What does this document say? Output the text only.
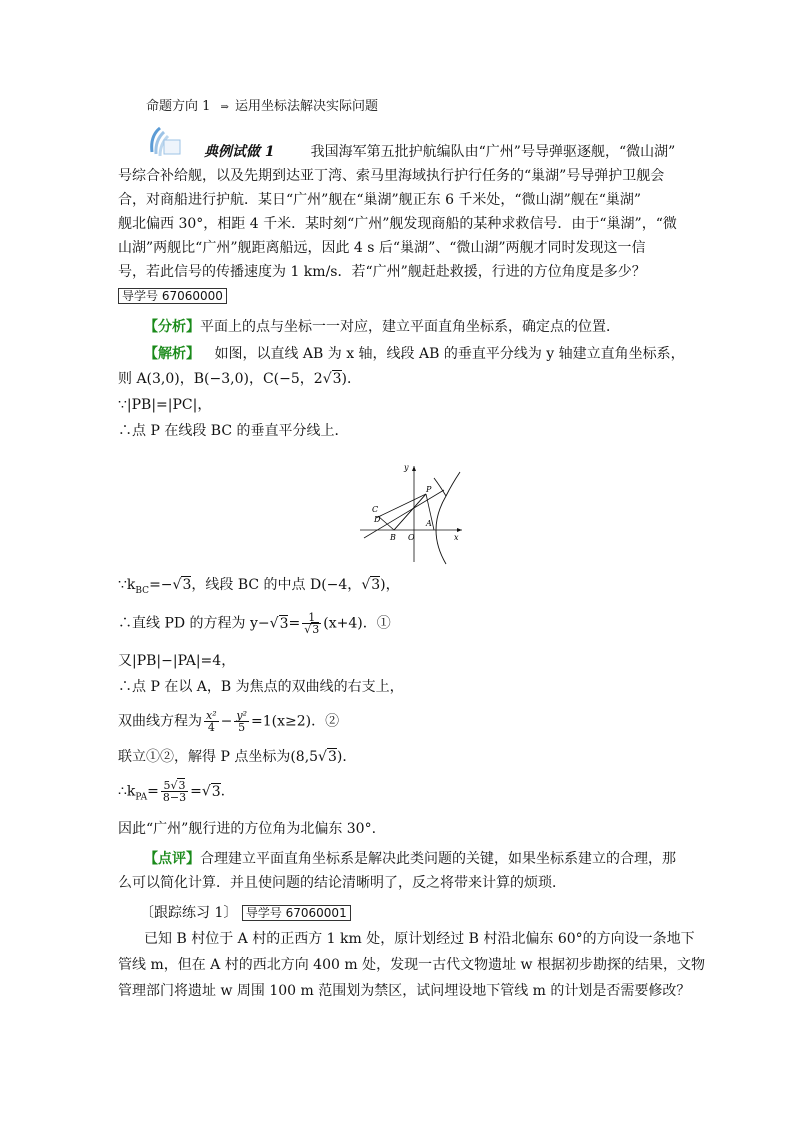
命题方向 1 ⇒ 运用坐标法解决实际问题
典例试做 1	我国海军第五批护航编队由“广州”号导弹驱逐舰，“微山湖”
号综合补给舰，以及先期到达亚丁湾、索马里海域执行护行任务的“巢湖”号导弹护卫舰会
合，对商船进行护航．某日“广州”舰在“巢湖”舰正东 6 千米处，“微山湖”舰在“巢湖”
舰北偏西 30°，相距 4 千米．某时刻“广州”舰发现商船的某种求救信号．由于“巢湖”，“微
山湖”两舰比“广州”舰距离船远，因此 4 s 后“巢湖”、“微山湖”两舰才同时发现这一信
号，若此信号的传播速度为 1 km/s．若“广州”舰赶赴救援，行进的方位角度是多少？
导学号 67060000
【分析】平面上的点与坐标一一对应，建立平面直角坐标系，确定点的位置．
【解析】 如图，以直线 AB 为 x 轴，线段 AB 的垂直平分线为 y 轴建立直角坐标系，
则 A(3,0)，B(−3,0)，C(−5，2√3)．
∵|PB|=|PC|，
∴点 P 在线段 BC 的垂直平分线上．
y
P
C
D	A
B O	x
$\because k_{BC}=-√3$，线段 BC 的中点 D(−4，√3)，
∴直线 PD 的方程为 $y-√3= \frac{1}{√3} (x+4)$．①
又|PB|−|PA|=4，
∴点 P 在以 A，B 为焦点的双曲线的右支上，
双曲线方程为 $\frac{\text{x²}}{4} - \frac{\text{y²}}{5} =1(x\ge 2)$．②
联立①②，解得 P 点坐标为(8,5√3)．
$\therefore k_{PA}= \frac{5√3}{8-3} =√3$.
因此“广州”舰行进的方位角为北偏东 30°.
【点评】合理建立平面直角坐标系是解决此类问题的关键，如果坐标系建立的合理，那
么可以简化计算．并且使问题的结论清晰明了，反之将带来计算的烦琐．
〔跟踪练习 1〕 导学号 67060001
已知 B 村位于 A 村的正西方 1 km 处，原计划经过 B 村沿北偏东 60°的方向设一条地下
管线 m，但在 A 村的西北方向 400 m 处，发现一古代文物遗址 w 根据初步勘探的结果，文物
管理部门将遗址 w 周围 100 m 范围划为禁区，试问埋设地下管线 m 的计划是否需要修改？
